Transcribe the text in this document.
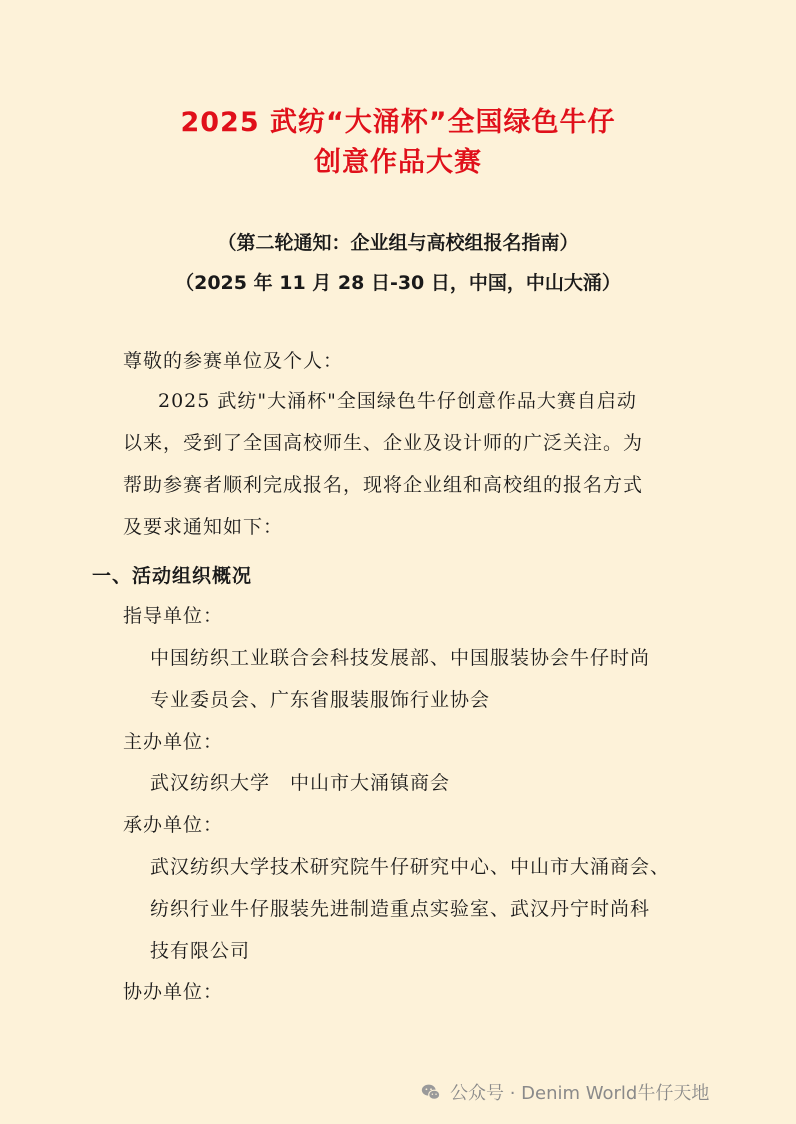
2025 武纺“大涌杯”全国绿色牛仔
创意作品大赛
（第二轮通知：企业组与高校组报名指南）
（2025 年 11 月 28 日-30 日，中国，中山大涌）
尊敬的参赛单位及个人：
2025 武纺"大涌杯"全国绿色牛仔创意作品大赛自启动
以来，受到了全国高校师生、企业及设计师的广泛关注。为
帮助参赛者顺利完成报名，现将企业组和高校组的报名方式
及要求通知如下：
一、活动组织概况
指导单位：
中国纺织工业联合会科技发展部、中国服装协会牛仔时尚
专业委员会、广东省服装服饰行业协会
主办单位：
武汉纺织大学　中山市大涌镇商会
承办单位：
武汉纺织大学技术研究院牛仔研究中心、中山市大涌商会、
纺织行业牛仔服装先进制造重点实验室、武汉丹宁时尚科
技有限公司
协办单位：
公众号 · Denim World牛仔天地
